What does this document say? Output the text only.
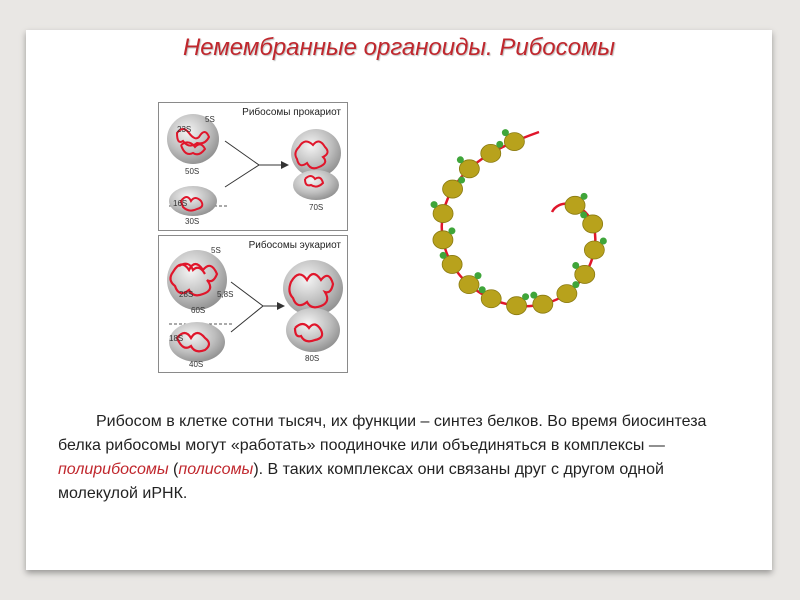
Немембранные органоиды. Рибосомы
Рибосомы прокариот
23S
5S
50S
16S
30S
70S
Рибосомы эукариот
5S
28S	5,8S
60S
18S
40S
80S
Рибосом в клетке сотни тысяч, их функции – синтез белков. Во время биосинтеза белка рибосомы могут «работать» поодиночке или объединяться в комплексы — полирибосомы (полисомы). В таких комплексах они связаны друг с другом одной молекулой иРНК.
